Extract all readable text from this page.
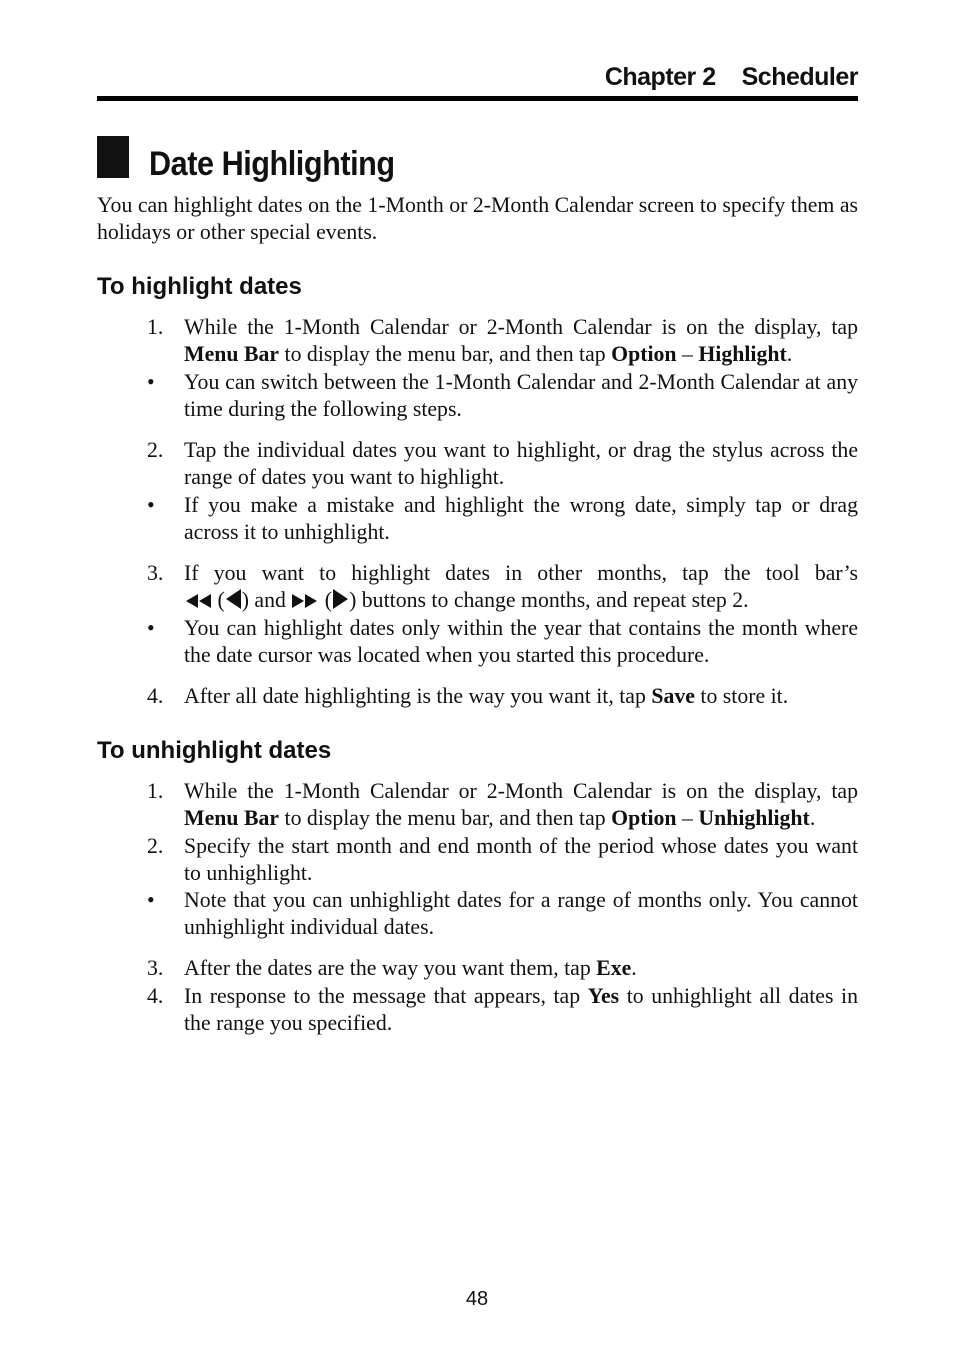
Chapter 2 Scheduler
Date Highlighting
You can highlight dates on the 1-Month or 2-Month Calendar screen to specify them as holidays or other special events.
To highlight dates
1. While the 1-Month Calendar or 2-Month Calendar is on the display, tap Menu Bar to display the menu bar, and then tap Option – Highlight.
• You can switch between the 1-Month Calendar and 2-Month Calendar at any time during the following steps.
2. Tap the individual dates you want to highlight, or drag the stylus across the range of dates you want to highlight.
• If you make a mistake and highlight the wrong date, simply tap or drag across it to unhighlight.
3. If you want to highlight dates in other months, tap the tool bar’s
( ) and  ( ) buttons to change months, and repeat step 2.
• You can highlight dates only within the year that contains the month where the date cursor was located when you started this procedure.
4. After all date highlighting is the way you want it, tap Save to store it.
To unhighlight dates
1. While the 1-Month Calendar or 2-Month Calendar is on the display, tap Menu Bar to display the menu bar, and then tap Option – Unhighlight.
2. Specify the start month and end month of the period whose dates you want to unhighlight.
• Note that you can unhighlight dates for a range of months only. You cannot unhighlight individual dates.
3. After the dates are the way you want them, tap Exe.
4. In response to the message that appears, tap Yes to unhighlight all dates in the range you specified.
48
